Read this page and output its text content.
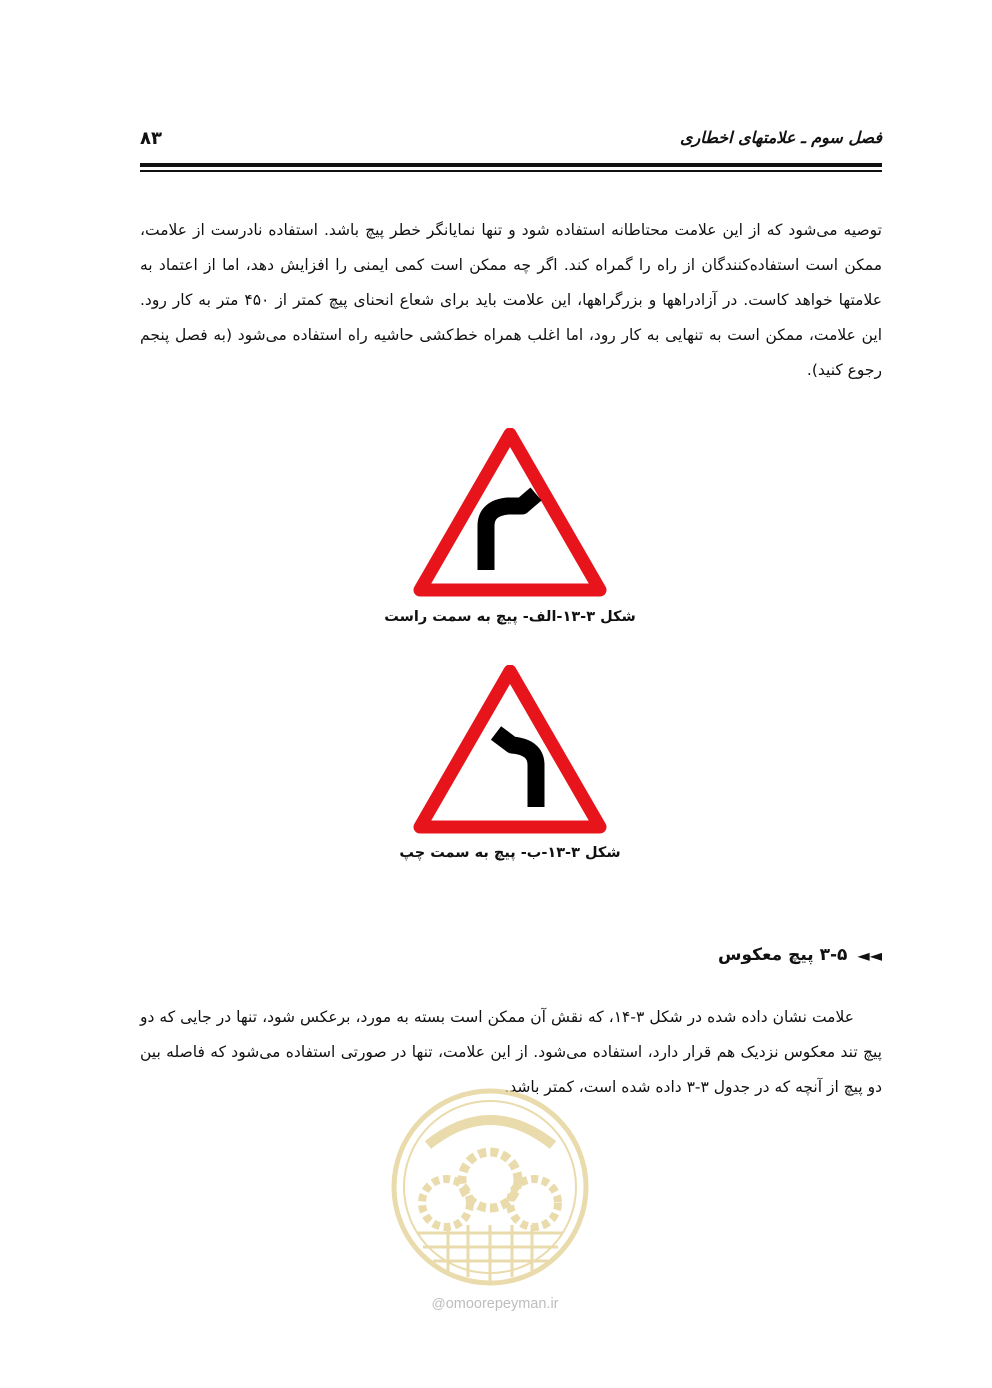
فصل سوم ـ علامتهای اخطاری
۸۳

توصیه می‌شود که از این علامت محتاطانه استفاده شود و تنها نمایانگر خطر پیچ باشد. استفاده نادرست از علامت، ممکن است استفاده‌کنندگان از راه را گمراه کند. اگر چه ممکن است کمی ایمنی را افزایش دهد، اما از اعتماد به علامتها خواهد کاست. در آزادراهها و بزرگراهها، این علامت باید برای شعاع انحنای پیچ کمتر از ۴۵۰ متر به کار رود. این علامت، ممکن است به تنهایی به کار رود، اما اغلب همراه خط‌کشی حاشیه راه استفاده می‌شود (به فصل پنجم رجوع کنید).

شکل ۳-۱۳-الف- پیچ به سمت راست
شکل ۳-۱۳-ب- پیچ به سمت چپ
◄◄
۳-۵ پیچ معکوس

علامت نشان داده شده در شکل ۳-۱۴، که نقش آن ممکن است بسته به مورد، برعکس شود، تنها در جایی که دو پیچ تند معکوس نزدیک هم قرار دارد، استفاده می‌شود. از این علامت، تنها در صورتی استفاده می‌شود که فاصله بین دو پیچ از آنچه که در جدول ۳-۳ داده شده است، کمتر باشد.

@omoorepeyman.ir
